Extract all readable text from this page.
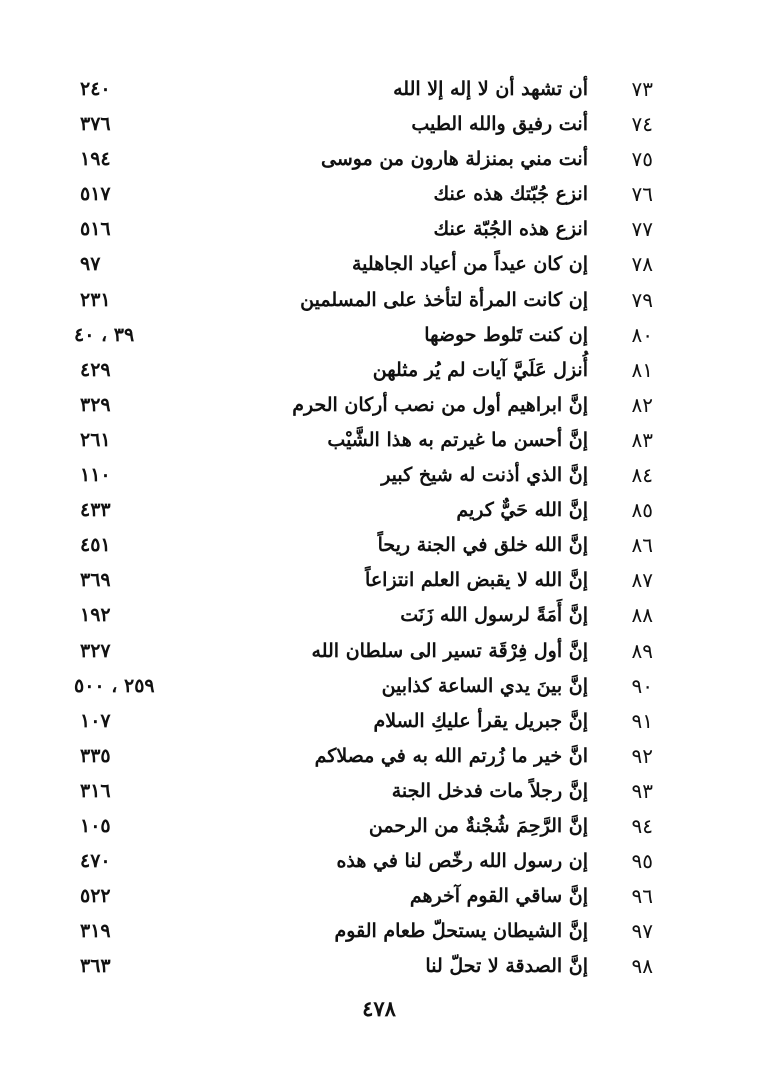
٧٣
أن تشهد أن لا إله إلا الله
٢٤٠
٧٤
أنت رفيق والله الطيب
٣٧٦
٧٥
أنت مني بمنزلة هارون من موسى
١٩٤
٧٦
انزع جُبّتك هذه عنك
٥١٧
٧٧
انزع هذه الجُبّة عنك
٥١٦
٧٨
إن كان عيداً من أعياد الجاهلية
٩٧
٧٩
إن كانت المرأة لتأخذ على المسلمين
٢٣١
٨٠
إن كنت تَلوط حوضها
٣٩ ، ٤٠
٨١
أُنزل عَلَيَّ آيات لم يُر مثلهن
٤٢٩
٨٢
إنَّ ابراهيم أول من نصب أركان الحرم
٣٢٩
٨٣
إنَّ أحسن ما غيرتم به هذا الشَّيْب
٢٦١
٨٤
إنَّ الذي أذنت له شيخ كبير
١١٠
٨٥
إنَّ الله حَيٌّ كريم
٤٣٣
٨٦
إنَّ الله خلق في الجنة ريحاً
٤٥١
٨٧
إنَّ الله لا يقبض العلم انتزاعاً
٣٦٩
٨٨
إنَّ أَمَةً لرسول الله زَنَت
١٩٢
٨٩
إنَّ أول فِرْقَة تسير الى سلطان الله
٣٢٧
٩٠
إنَّ بينَ يدي الساعة كذابين
٢٥٩ ، ٥٠٠
٩١
إنَّ جبريل يقرأ عليكِ السلام
١٠٧
٩٢
انَّ خير ما زُرتم الله به في مصلاكم
٣٣٥
٩٣
إنَّ رجلاً مات فدخل الجنة
٣١٦
٩٤
إنَّ الرَّحِمَ شُجْنةٌ من الرحمن
١٠٥
٩٥
إن رسول الله رخّص لنا في هذه
٤٧٠
٩٦
إنَّ ساقي القوم آخرهم
٥٢٢
٩٧
إنَّ الشيطان يستحلّ طعام القوم
٣١٩
٩٨
إنَّ الصدقة لا تحلّ لنا
٣٦٣
٤٧٨
